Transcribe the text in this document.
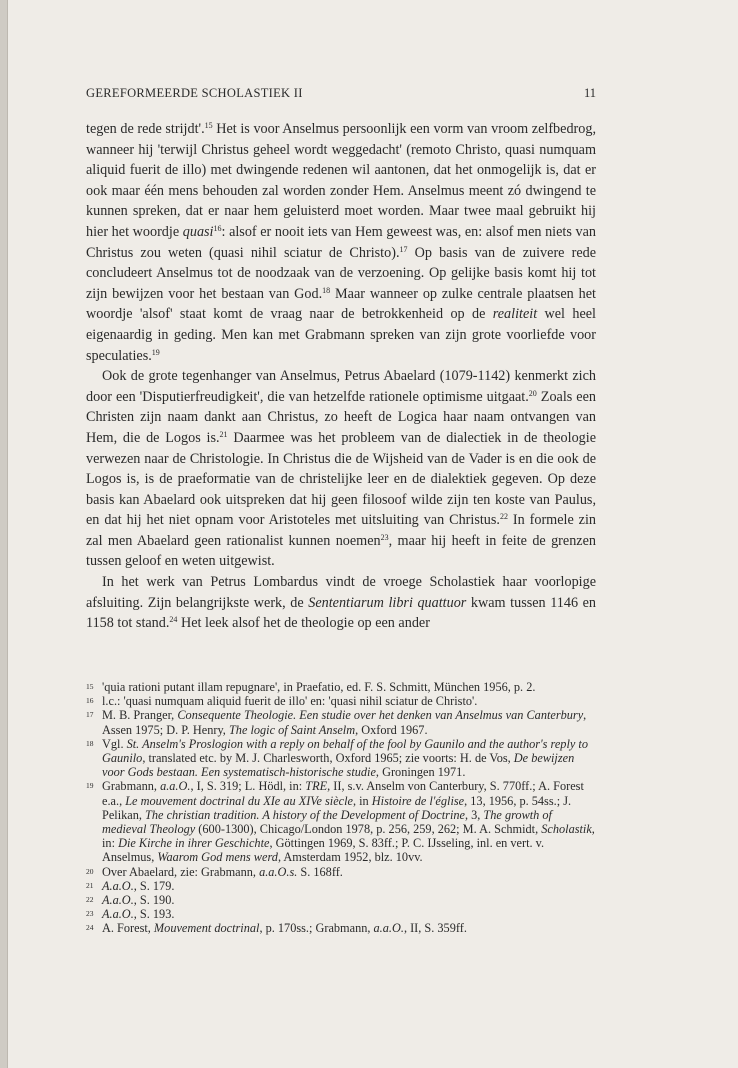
GEREFORMEERDE SCHOLASTIEK II	11

tegen de rede strijdt'.$^{15}$ Het is voor Anselmus persoonlijk een vorm van vroom zelfbedrog, wanneer hij 'terwijl Christus geheel wordt weggedacht' (remoto Christo, quasi numquam aliquid fuerit de illo) met dwingende redenen wil aantonen, dat het onmogelijk is, dat er ook maar één mens behouden zal worden zonder Hem. Anselmus meent zó dwingend te kunnen spreken, dat er naar hem geluisterd moet worden. Maar twee maal gebruikt hij hier het woordje quasi$^{16}$: alsof er nooit iets van Hem geweest was, en: alsof men niets van Christus zou weten (quasi nihil sciatur de Christo).$^{17}$ Op basis van de zuivere rede concludeert Anselmus tot de noodzaak van de verzoening. Op gelijke basis komt hij tot zijn bewijzen voor het bestaan van God.$^{18}$ Maar wanneer op zulke centrale plaatsen het woordje 'alsof' staat komt de vraag naar de betrokkenheid op de realiteit wel heel eigenaardig in geding. Men kan met Grabmann spreken van zijn grote voorliefde voor speculaties.$^{19}$

Ook de grote tegenhanger van Anselmus, Petrus Abaelard (1079-1142) kenmerkt zich door een 'Disputierfreudigkeit', die van hetzelfde rationele optimisme uitgaat.$^{20}$ Zoals een Christen zijn naam dankt aan Christus, zo heeft de Logica haar naam ontvangen van Hem, die de Logos is.$^{21}$ Daarmee was het probleem van de dialectiek in de theologie verwezen naar de Christologie. In Christus die de Wijsheid van de Vader is en die ook de Logos is, is de praeformatie van de christelijke leer en de dialektiek gegeven. Op deze basis kan Abaelard ook uitspreken dat hij geen filosoof wilde zijn ten koste van Paulus, en dat hij het niet opnam voor Aristoteles met uitsluiting van Christus.$^{22}$ In formele zin zal men Abaelard geen rationalist kunnen noemen$^{23}$, maar hij heeft in feite de grenzen tussen geloof en weten uitgewist.

In het werk van Petrus Lombardus vindt de vroege Scholastiek haar voorlopige afsluiting. Zijn belangrijkste werk, de Sententiarum libri quattuor kwam tussen 1146 en 1158 tot stand.$^{24}$ Het leek alsof het de theologie op een ander

15 'quia rationi putant illam repugnare', in Praefatio, ed. F. S. Schmitt, München 1956, p. 2.
16 l.c.: 'quasi numquam aliquid fuerit de illo' en: 'quasi nihil sciatur de Christo'.
17 M. B. Pranger, Consequente Theologie. Een studie over het denken van Anselmus van Canterbury, Assen 1975; D. P. Henry, The logic of Saint Anselm, Oxford 1967.
18 Vgl. St. Anselm's Proslogion with a reply on behalf of the fool by Gaunilo and the author's reply to Gaunilo, translated etc. by M. J. Charlesworth, Oxford 1965; zie voorts: H. de Vos, De bewijzen voor Gods bestaan. Een systematisch-historische studie, Groningen 1971.
19 Grabmann, a.a.O., I, S. 319; L. Hödl, in: TRE, II, s.v. Anselm von Canterbury, S. 770ff.; A. Forest e.a., Le mouvement doctrinal du XIe au XIVe siècle, in Histoire de l'église, 13, 1956, p. 54ss.; J. Pelikan, The christian tradition. A history of the Development of Doctrine, 3, The growth of medieval Theology (600-1300), Chicago/London 1978, p. 256, 259, 262; M. A. Schmidt, Scholastik, in: Die Kirche in ihrer Geschichte, Göttingen 1969, S. 83ff.; P. C. IJsseling, inl. en vert. v. Anselmus, Waarom God mens werd, Amsterdam 1952, blz. 10vv.
20 Over Abaelard, zie: Grabmann, a.a.O.s. S. 168ff.
21 A.a.O., S. 179.
22 A.a.O., S. 190.
23 A.a.O., S. 193.
24 A. Forest, Mouvement doctrinal, p. 170ss.; Grabmann, a.a.O., II, S. 359ff.
